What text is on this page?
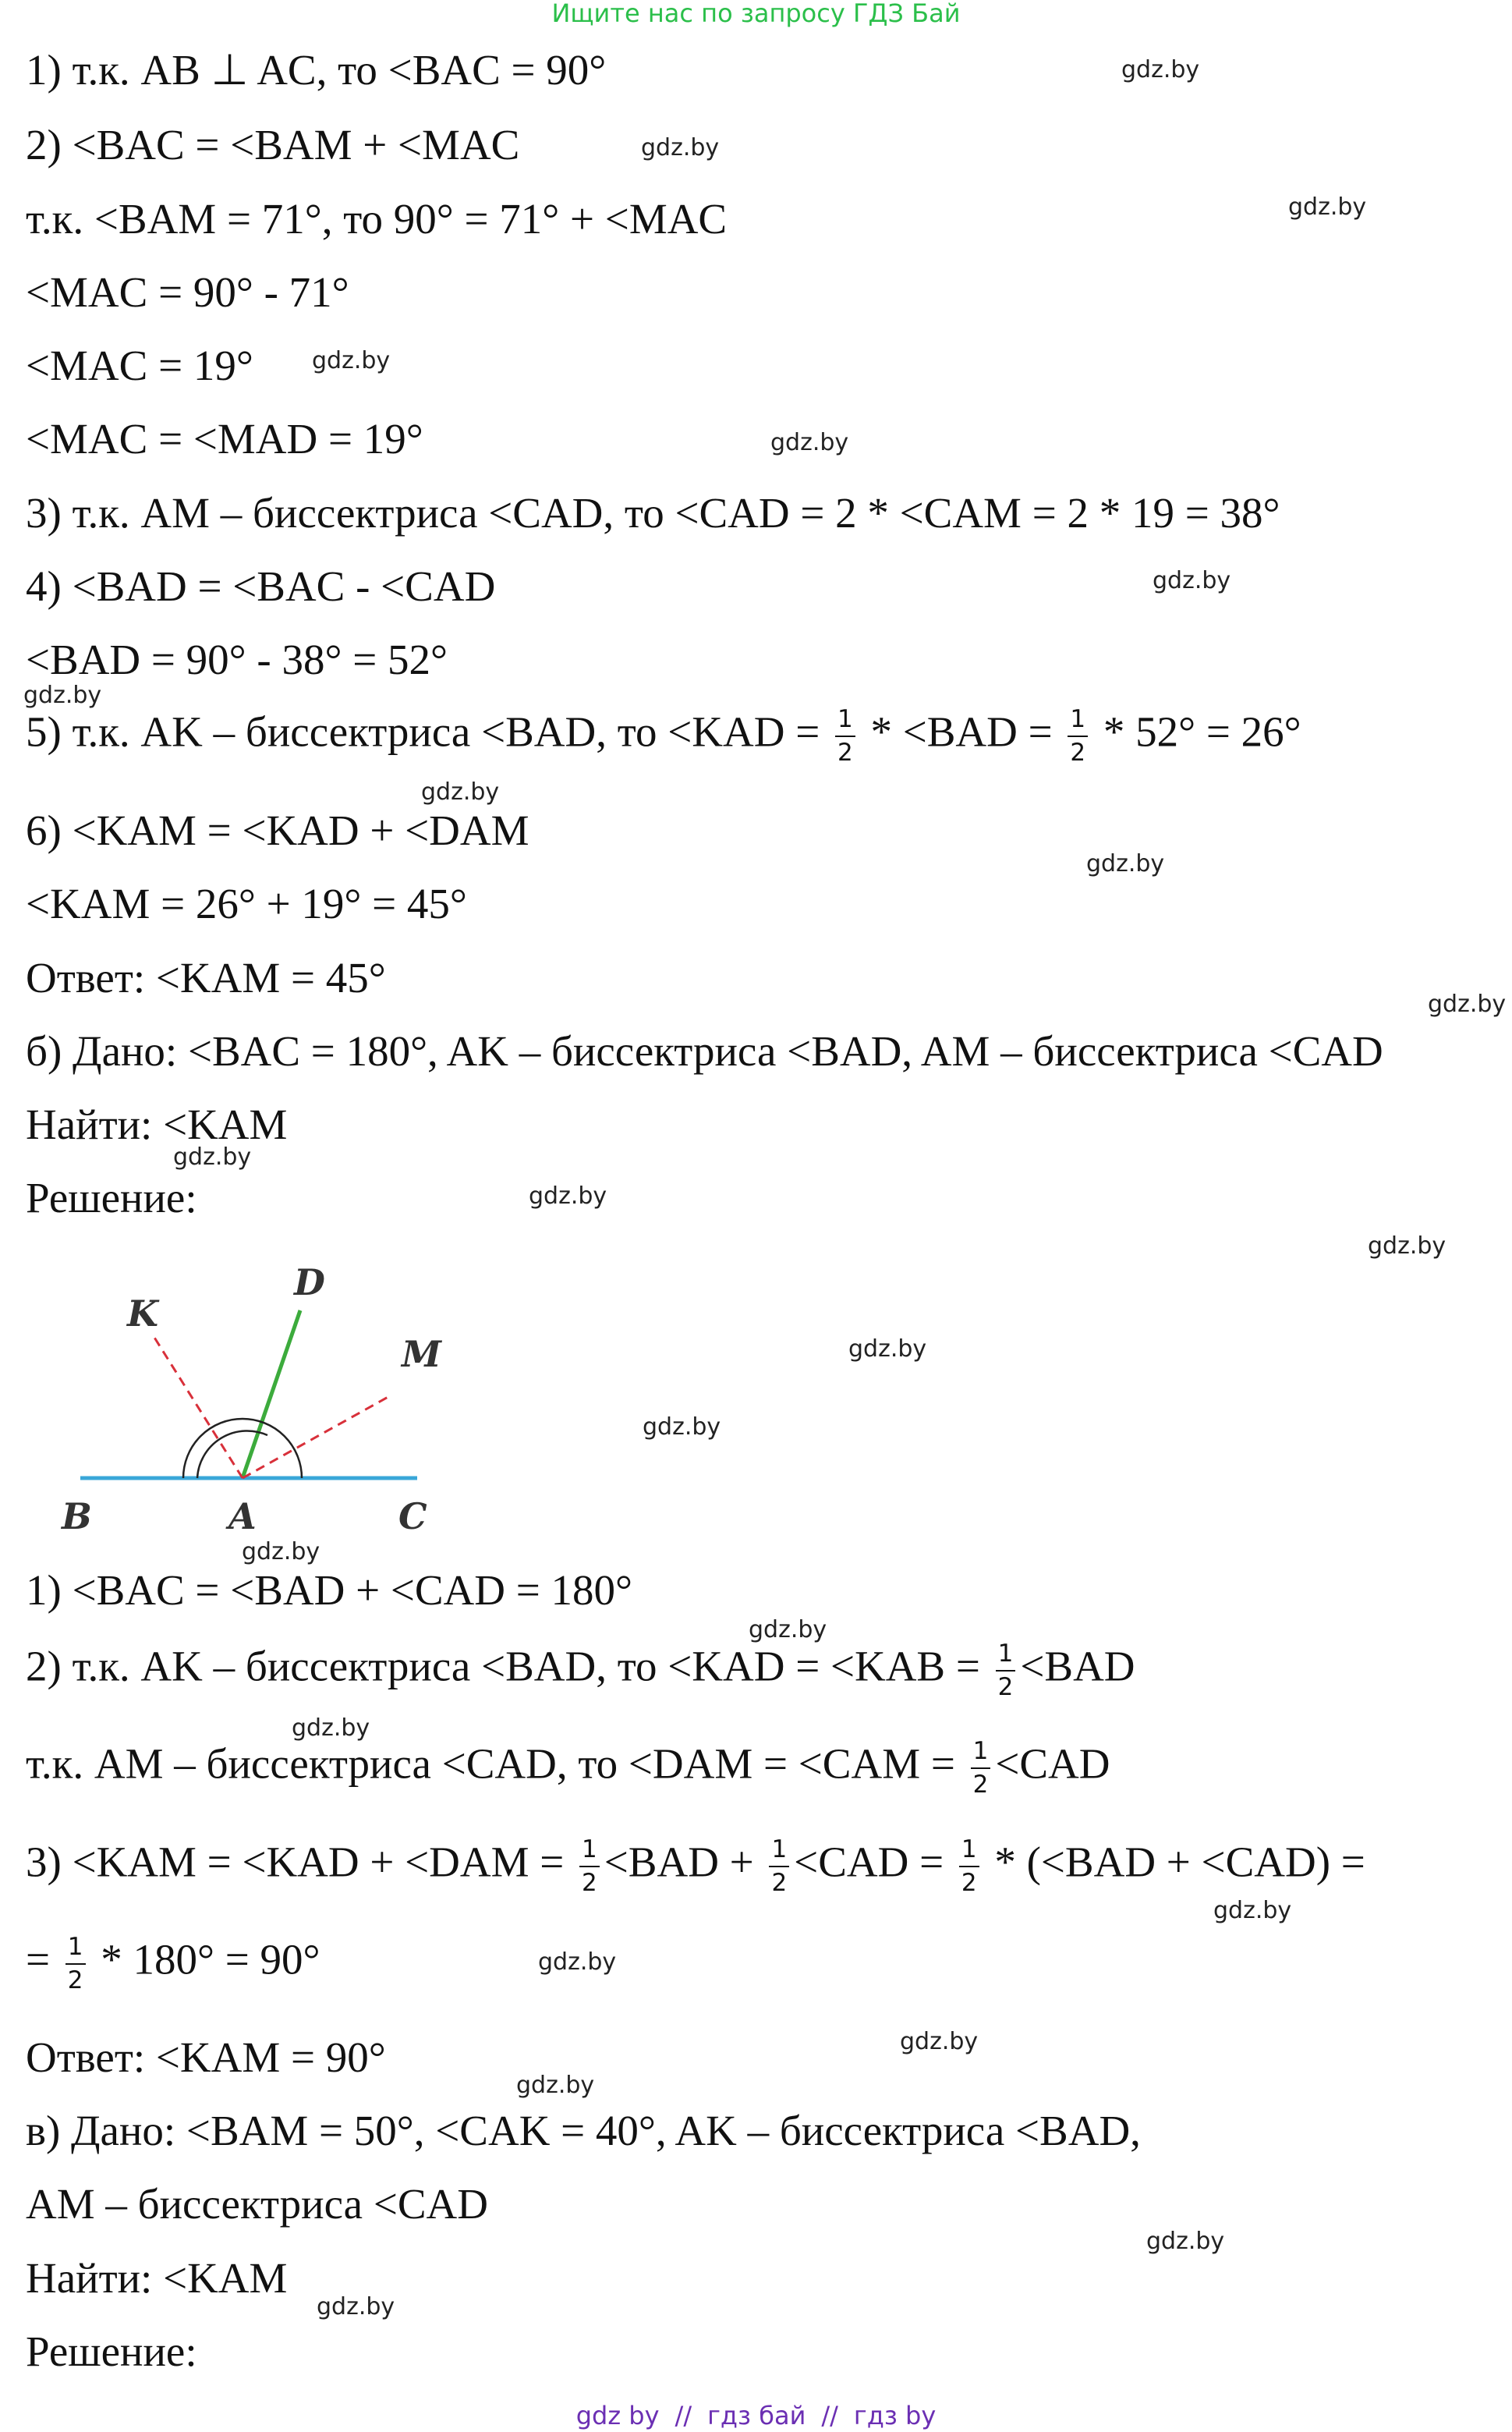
Ищите нас по запросу ГДЗ Бай
1) т.к. AB ⊥ AC, то <BAC = 90°
2) <BAC = <BAM + <MAC
т.к. <BAM = 71°, то 90° = 71° + <MAC
<MAC = 90° - 71°
<MAC = 19°
<MAC = <MAD = 19°
3) т.к. AM – биссектриса <CAD, то <CAD = 2 * <CAM = 2 * 19 = 38°
4) <BAD = <BAC - <CAD
<BAD = 90° - 38° = 52°
5) т.к. AK – биссектриса <BAD, то $<KAD = \frac{1}{2} * <BAD = \frac{1}{2} * 52^\circ = 26^\circ$
6) <KAM = <KAD + <DAM
<KAM = 26° + 19° = 45°
Ответ: <KAM = 45°
б) Дано: <BAC = 180°, AK – биссектриса <BAD, AM – биссектриса <CAD
Найти: <KAM
Решение:
K
D
M
B	A	C
1) <BAC = <BAD + <CAD = 180°
2) т.к. AK – биссектриса <BAD, то $<KAD = <KAB = \frac{1}{2} <BAD$
т.к. AM – биссектриса <CAD, то $<DAM = <CAM = \frac{1}{2} <CAD$
$3) <KAM = <KAD + <DAM = \frac{1}{2} <BAD + \frac{1}{2} <CAD = \frac{1}{2} * (<BAD + <CAD)$ =
= $\frac{1}{2} * 180^\circ = 90^\circ$
Ответ: <KAM = 90°
в) Дано: <BAM = 50°, <CAK = 40°, AK – биссектриса <BAD,
AM – биссектриса <CAD
Найти: <KAM
Решение:
gdz.by
gdz.by
gdz.by
gdz.by
gdz.by
gdz.by
gdz.by
gdz.by
gdz.by
gdz.by
gdz.by
gdz.by
gdz.by
gdz.by
gdz.by
gdz.by
gdz.by
gdz.by
gdz.by
gdz.by
gdz.by
gdz.by
gdz.by
gdz.by
gdz by // гдз бай // гдз by
